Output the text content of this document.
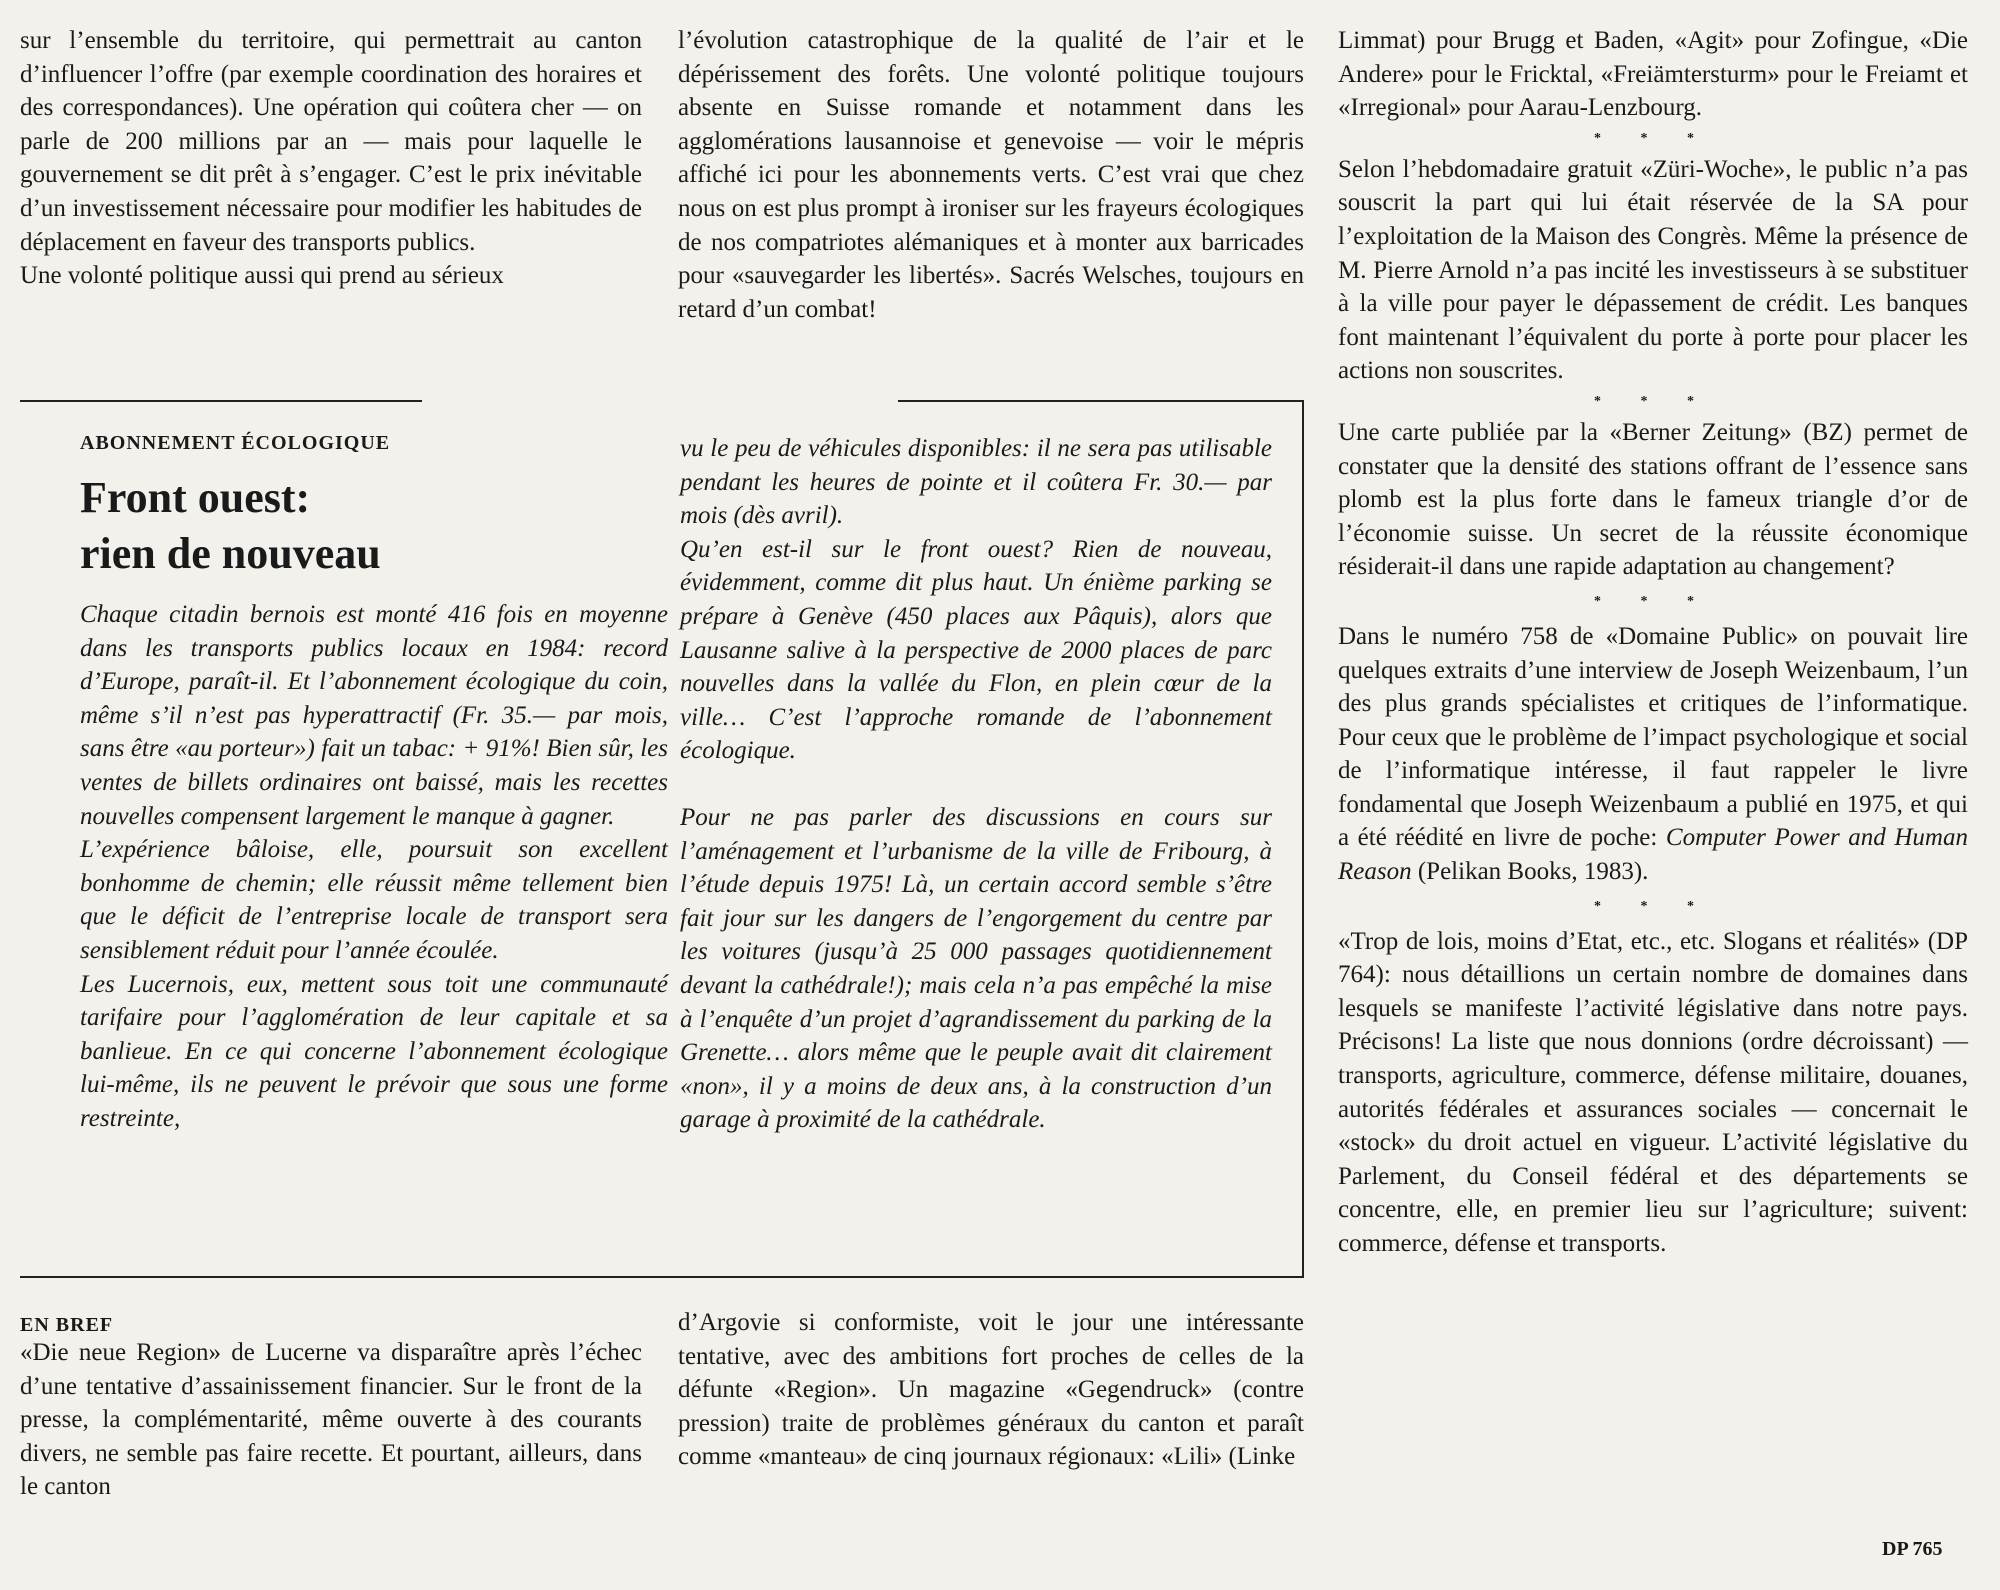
sur l’ensemble du territoire, qui permettrait au canton d’influencer l’offre (par exemple coordination des horaires et des correspondances). Une opération qui coûtera cher — on parle de 200 millions par an — mais pour laquelle le gouvernement se dit prêt à s’engager. C’est le prix inévitable d’un investissement nécessaire pour modifier les habitudes de déplacement en faveur des transports publics.

Une volonté politique aussi qui prend au sérieux

l’évolution catastrophique de la qualité de l’air et le dépérissement des forêts. Une volonté politique toujours absente en Suisse romande et notamment dans les agglomérations lausannoise et genevoise — voir le mépris affiché ici pour les abonnements verts. C’est vrai que chez nous on est plus prompt à ironiser sur les frayeurs écologiques de nos compatriotes alémaniques et à monter aux barricades pour «sauvegarder les libertés». Sacrés Welsches, toujours en retard d’un combat!

Limmat) pour Brugg et Baden, «Agit» pour Zofingue, «Die Andere» pour le Fricktal, «Freiämtersturm» pour le Freiamt et «Irregional» pour Aarau-Lenzbourg.

* * *

Selon l’hebdomadaire gratuit «Züri-Woche», le public n’a pas souscrit la part qui lui était réservée de la SA pour l’exploitation de la Maison des Congrès. Même la présence de M. Pierre Arnold n’a pas incité les investisseurs à se substituer à la ville pour payer le dépassement de crédit. Les banques font maintenant l’équivalent du porte à porte pour placer les actions non souscrites.

* * *

Une carte publiée par la «Berner Zeitung» (BZ) permet de constater que la densité des stations offrant de l’essence sans plomb est la plus forte dans le fameux triangle d’or de l’économie suisse. Un secret de la réussite économique résiderait-il dans une rapide adaptation au changement?

* * *

Dans le numéro 758 de «Domaine Public» on pouvait lire quelques extraits d’une interview de Joseph Weizenbaum, l’un des plus grands spécialistes et critiques de l’informatique. Pour ceux que le problème de l’impact psychologique et social de l’informatique intéresse, il faut rappeler le livre fondamental que Joseph Weizenbaum a publié en 1975, et qui a été réédité en livre de poche: Computer Power and Human Reason (Pelikan Books, 1983).

* * *

«Trop de lois, moins d’Etat, etc., etc. Slogans et réalités» (DP 764): nous détaillions un certain nombre de domaines dans lesquels se manifeste l’activité législative dans notre pays. Précisons! La liste que nous donnions (ordre décroissant) — transports, agriculture, commerce, défense militaire, douanes, autorités fédérales et assurances sociales — concernait le «stock» du droit actuel en vigueur. L’activité législative du Parlement, du Conseil fédéral et des départements se concentre, elle, en premier lieu sur l’agriculture; suivent: commerce, défense et transports.

ABONNEMENT ÉCOLOGIQUE
Front ouest:
rien de nouveau

Chaque citadin bernois est monté 416 fois en moyenne dans les transports publics locaux en 1984: record d’Europe, paraît-il. Et l’abonnement écologique du coin, même s’il n’est pas hyperattractif (Fr. 35.— par mois, sans être «au porteur») fait un tabac: + 91%! Bien sûr, les ventes de billets ordinaires ont baissé, mais les recettes nouvelles compensent largement le manque à gagner.

L’expérience bâloise, elle, poursuit son excellent bonhomme de chemin; elle réussit même tellement bien que le déficit de l’entreprise locale de transport sera sensiblement réduit pour l’année écoulée.

Les Lucernois, eux, mettent sous toit une communauté tarifaire pour l’agglomération de leur capitale et sa banlieue. En ce qui concerne l’abonnement écologique lui-même, ils ne peuvent le prévoir que sous une forme restreinte,

vu le peu de véhicules disponibles: il ne sera pas utilisable pendant les heures de pointe et il coûtera Fr. 30.— par mois (dès avril).

Qu’en est-il sur le front ouest? Rien de nouveau, évidemment, comme dit plus haut. Un énième parking se prépare à Genève (450 places aux Pâquis), alors que Lausanne salive à la perspective de 2000 places de parc nouvelles dans la vallée du Flon, en plein cœur de la ville… C’est l’approche romande de l’abonnement écologique.

Pour ne pas parler des discussions en cours sur l’aménagement et l’urbanisme de la ville de Fribourg, à l’étude depuis 1975! Là, un certain accord semble s’être fait jour sur les dangers de l’engorgement du centre par les voitures (jusqu’à 25 000 passages quotidiennement devant la cathédrale!); mais cela n’a pas empêché la mise à l’enquête d’un projet d’agrandissement du parking de la Grenette… alors même que le peuple avait dit clairement «non», il y a moins de deux ans, à la construction d’un garage à proximité de la cathédrale.

EN BREF

«Die neue Region» de Lucerne va disparaître après l’échec d’une tentative d’assainissement financier. Sur le front de la presse, la complémentarité, même ouverte à des courants divers, ne semble pas faire recette. Et pourtant, ailleurs, dans le canton

d’Argovie si conformiste, voit le jour une intéressante tentative, avec des ambitions fort proches de celles de la défunte «Region». Un magazine «Gegendruck» (contre pression) traite de problèmes généraux du canton et paraît comme «manteau» de cinq journaux régionaux: «Lili» (Linke

DP 765
